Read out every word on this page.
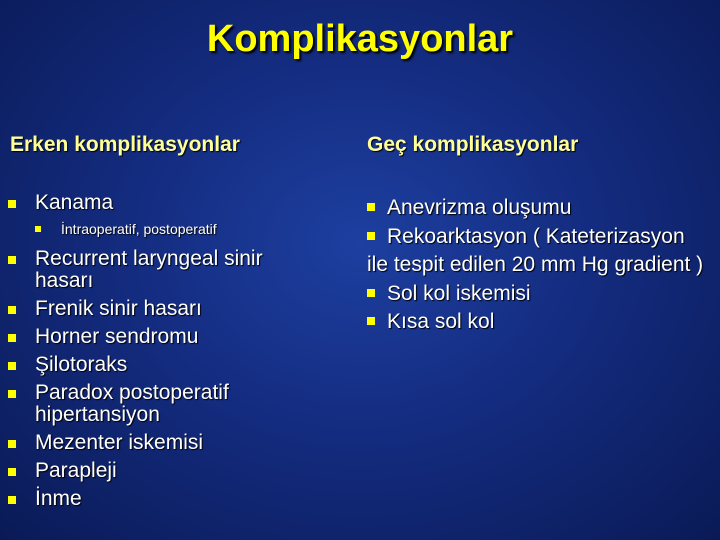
Komplikasyonlar
Erken komplikasyonlar
Kanama
İntraoperatif, postoperatif
Recurrent laryngeal sinir hasarı
Frenik sinir hasarı
Horner sendromu
Şilotoraks
Paradox postoperatif hipertansiyon
Mezenter iskemisi
Parapleji
İnme
Geç komplikasyonlar
Anevrizma oluşumu
Rekoarktasyon ( Kateterizasyon ile tespit edilen 20 mm Hg gradient )
Sol kol iskemisi
Kısa sol kol
